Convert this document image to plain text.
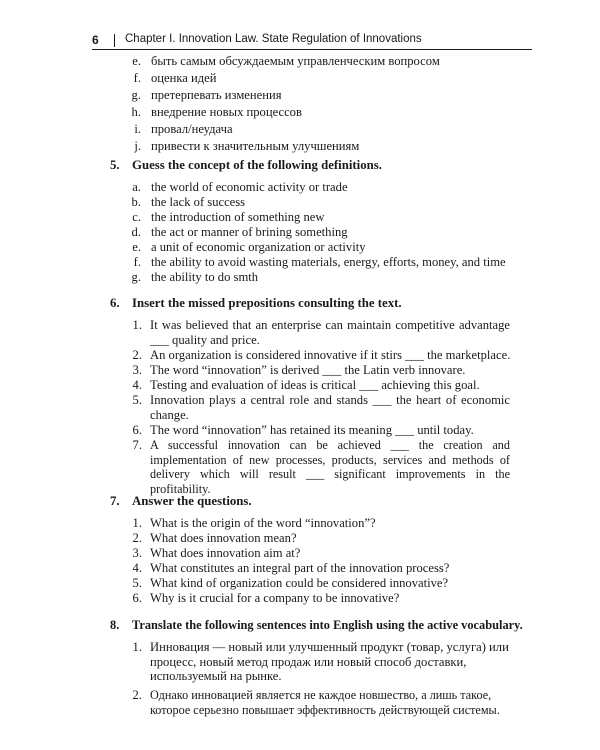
6 Chapter I. Innovation Law. State Regulation of Innovations
e. быть самым обсуждаемым управленческим вопросом
f. оценка идей
g. претерпевать изменения
h. внедрение новых процессов
i. провал/неудача
j. привести к значительным улучшениям
5. Guess the concept of the following definitions.
a. the world of economic activity or trade
b. the lack of success
c. the introduction of something new
d. the act or manner of brining something
e. a unit of economic organization or activity
f. the ability to avoid wasting materials, energy, efforts, money, and time
g. the ability to do smth
6. Insert the missed prepositions consulting the text.
1. It was believed that an enterprise can maintain competitive advantage ___ quality and price.
2. An organization is considered innovative if it stirs ___ the marketplace.
3. The word “innovation” is derived ___ the Latin verb innovare.
4. Testing and evaluation of ideas is critical ___ achieving this goal.
5. Innovation plays a central role and stands ___ the heart of economic change.
6. The word “innovation” has retained its meaning ___ until today.
7. A successful innovation can be achieved ___ the creation and implementation of new processes, products, services and methods of delivery which will result ___ significant improvements in the profitability.
7. Answer the questions.
1. What is the origin of the word “innovation”?
2. What does innovation mean?
3. What does innovation aim at?
4. What constitutes an integral part of the innovation process?
5. What kind of organization could be considered innovative?
6. Why is it crucial for a company to be innovative?
8. Translate the following sentences into English using the active vocabulary.
1. Инновация — новый или улучшенный продукт (товар, услуга) или процесс, новый метод продаж или новый способ доставки, используемый на рынке.
2. Однако инновацией является не каждое новшество, а лишь такое, которое серьезно повышает эффективность действующей системы.
